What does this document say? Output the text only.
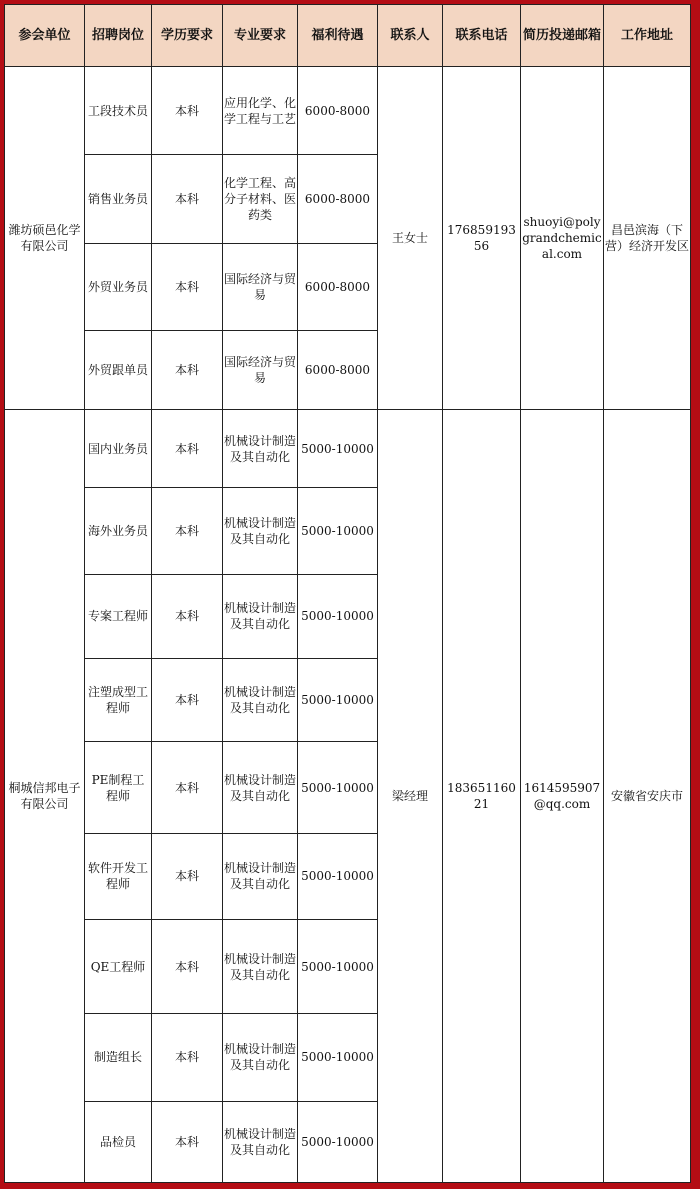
参会单位	招聘岗位	学历要求	专业要求	福利待遇	联系人	联系电话	简历投递邮箱	工作地址
潍坊硕邑化学有限公司	工段技术员	本科	应用化学、化学工程与工艺	6000-8000	王女士	17685919356	shuoyi@polygrandchemical.com	昌邑滨海（下营）经济开发区
	销售业务员	本科	化学工程、高分子材料、医药类	6000-8000				
	外贸业务员	本科	国际经济与贸易	6000-8000				
	外贸跟单员	本科	国际经济与贸易	6000-8000				
桐城信邦电子有限公司	国内业务员	本科	机械设计制造及其自动化	5000-10000	梁经理	18365116021	1614595907@qq.com	安徽省安庆市
	海外业务员	本科	机械设计制造及其自动化	5000-10000				
	专案工程师	本科	机械设计制造及其自动化	5000-10000				
	注塑成型工程师	本科	机械设计制造及其自动化	5000-10000				
	PE制程工程师	本科	机械设计制造及其自动化	5000-10000				
	软件开发工程师	本科	机械设计制造及其自动化	5000-10000				
	QE工程师	本科	机械设计制造及其自动化	5000-10000				
	制造组长	本科	机械设计制造及其自动化	5000-10000				
	品检员	本科	机械设计制造及其自动化	5000-10000				
